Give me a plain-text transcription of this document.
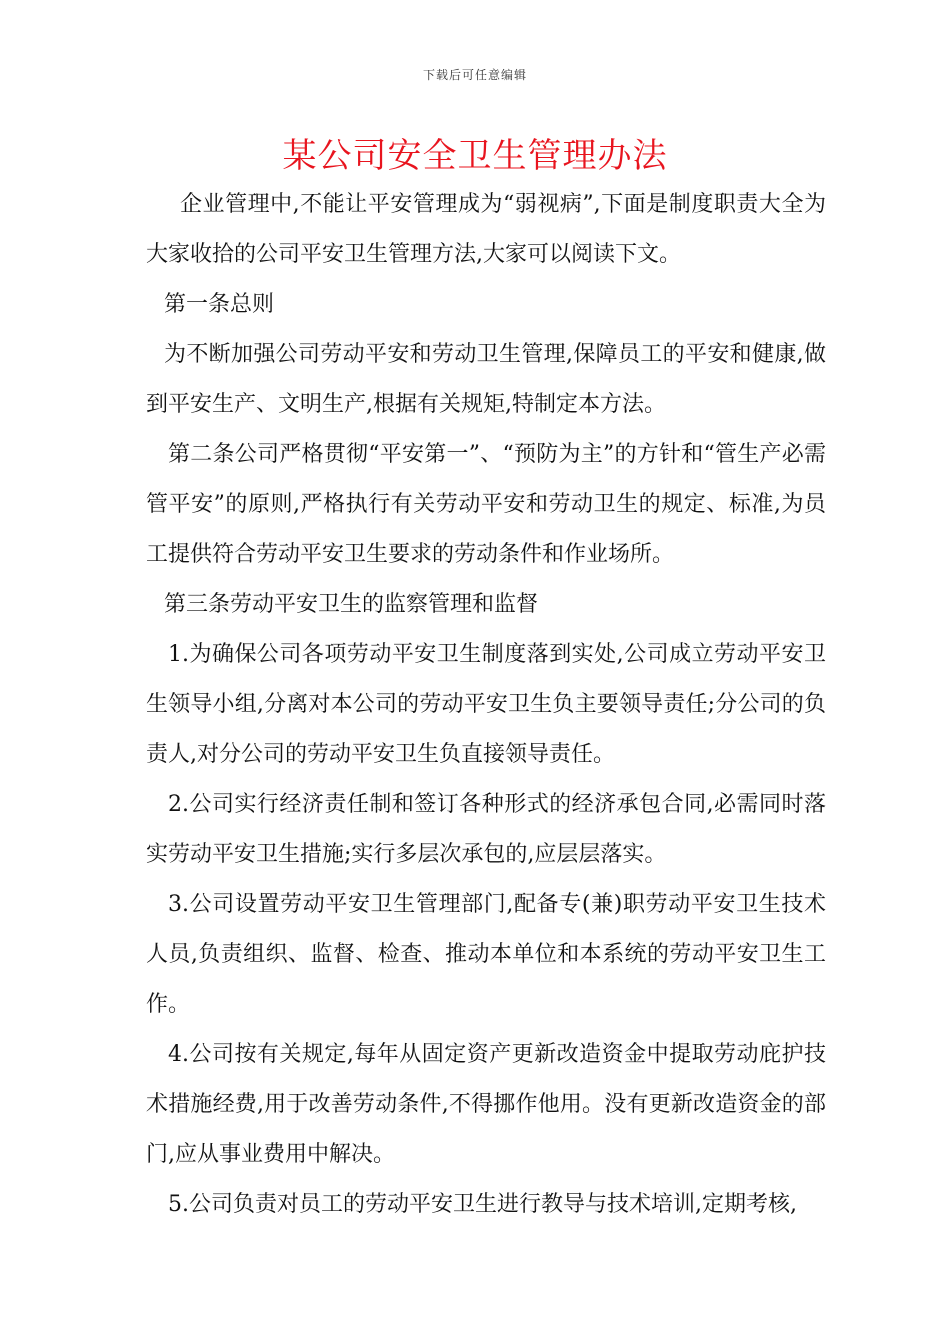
下载后可任意编辑
某公司安全卫生管理办法

企业管理中,不能让平安管理成为“弱视病”,下面是制度职责大全为大家收拾的公司平安卫生管理方法,大家可以阅读下文。

第一条总则

为不断加强公司劳动平安和劳动卫生管理,保障员工的平安和健康,做到平安生产、文明生产,根据有关规矩,特制定本方法。

第二条公司严格贯彻“平安第一”、“预防为主”的方针和“管生产必需管平安”的原则,严格执行有关劳动平安和劳动卫生的规定、标准,为员工提供符合劳动平安卫生要求的劳动条件和作业场所。

第三条劳动平安卫生的监察管理和监督

1.为确保公司各项劳动平安卫生制度落到实处,公司成立劳动平安卫生领导小组,分离对本公司的劳动平安卫生负主要领导责任;分公司的负责人,对分公司的劳动平安卫生负直接领导责任。

2.公司实行经济责任制和签订各种形式的经济承包合同,必需同时落实劳动平安卫生措施;实行多层次承包的,应层层落实。

3.公司设置劳动平安卫生管理部门,配备专(兼)职劳动平安卫生技术人员,负责组织、监督、检查、推动本单位和本系统的劳动平安卫生工作。

4.公司按有关规定,每年从固定资产更新改造资金中提取劳动庇护技术措施经费,用于改善劳动条件,不得挪作他用。没有更新改造资金的部门,应从事业费用中解决。

5.公司负责对员工的劳动平安卫生进行教导与技术培训,定期考核,
